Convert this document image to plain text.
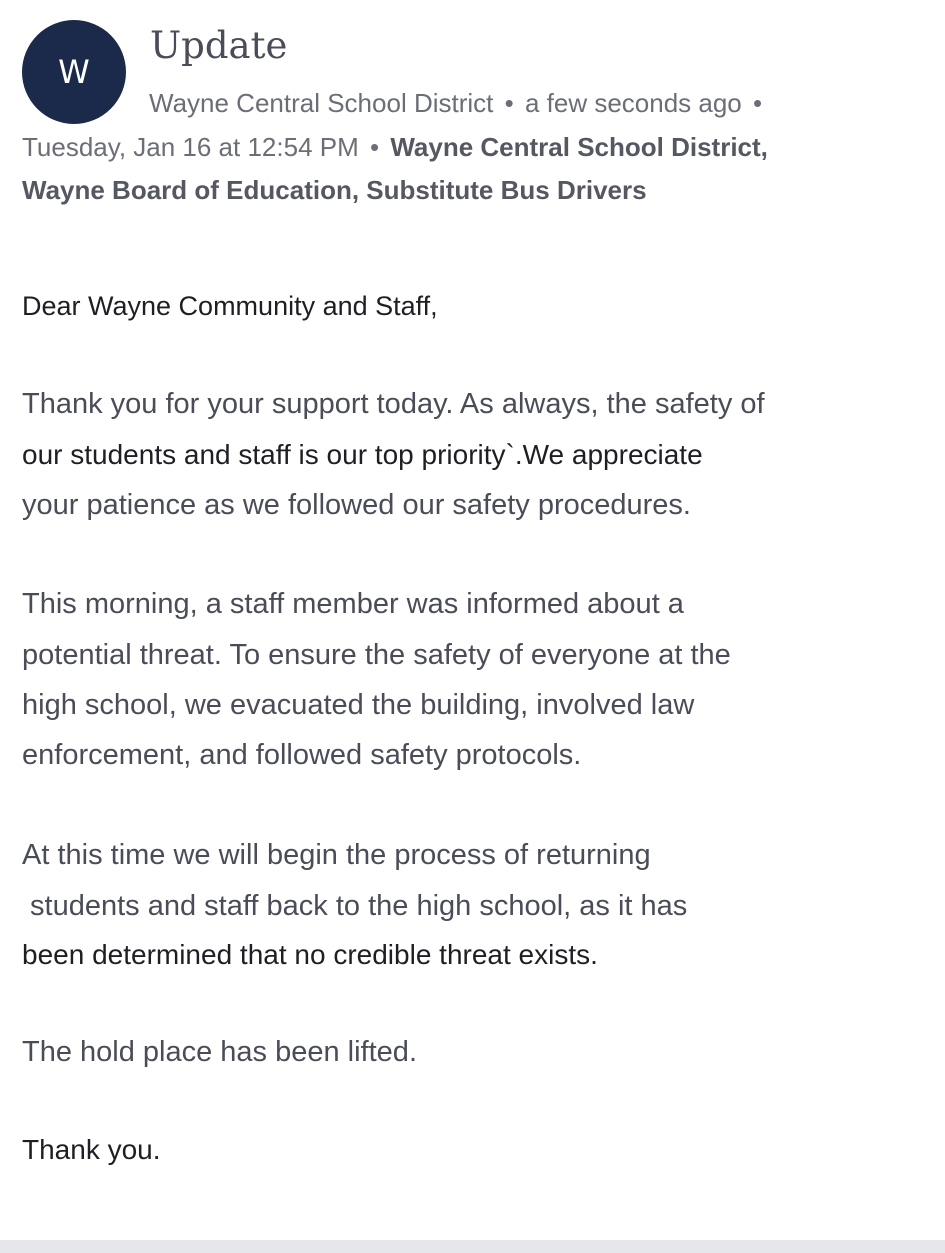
W
Update
Wayne Central School District • a few seconds ago •
Tuesday, Jan 16 at 12:54 PM • Wayne Central School District,
Wayne Board of Education, Substitute Bus Drivers
Dear Wayne Community and Staff,
Thank you for your support today. As always, the safety of
our students and staff is our top priority`.We appreciate
your patience as we followed our safety procedures.
This morning, a staff member was informed about a
potential threat. To ensure the safety of everyone at the
high school, we evacuated the building, involved law
enforcement, and followed safety protocols.
At this time we will begin the process of returning
students and staff back to the high school, as it has
been determined that no credible threat exists.
The hold place has been lifted.
Thank you.
